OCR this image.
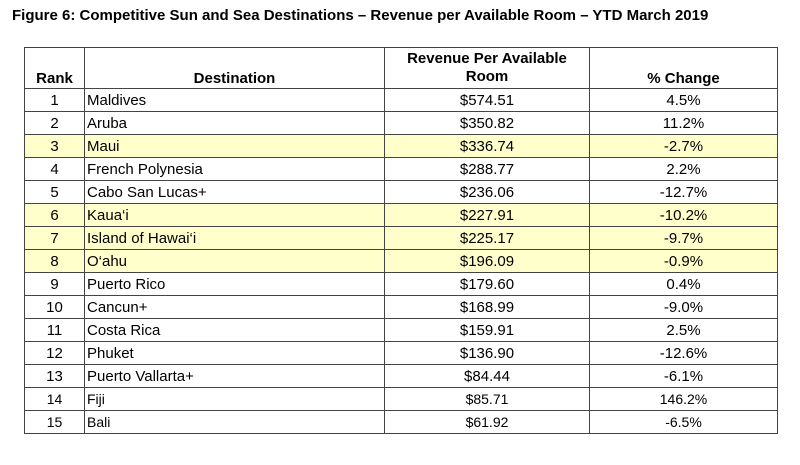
Figure 6: Competitive Sun and Sea Destinations – Revenue per Available Room – YTD March 2019
Rank	Destination	Revenue Per Available Room	% Change
1	Maldives	$574.51	4.5%
2	Aruba	$350.82	11.2%
3	Maui	$336.74	-2.7%
4	French Polynesia	$288.77	2.2%
5	Cabo San Lucas+	$236.06	-12.7%
6	Kaua‘i	$227.91	-10.2%
7	Island of Hawai‘i	$225.17	-9.7%
8	O‘ahu	$196.09	-0.9%
9	Puerto Rico	$179.60	0.4%
10	Cancun+	$168.99	-9.0%
11	Costa Rica	$159.91	2.5%
12	Phuket	$136.90	-12.6%
13	Puerto Vallarta+	$84.44	-6.1%
14	Fiji	$85.71	146.2%
15	Bali	$61.92	-6.5%
